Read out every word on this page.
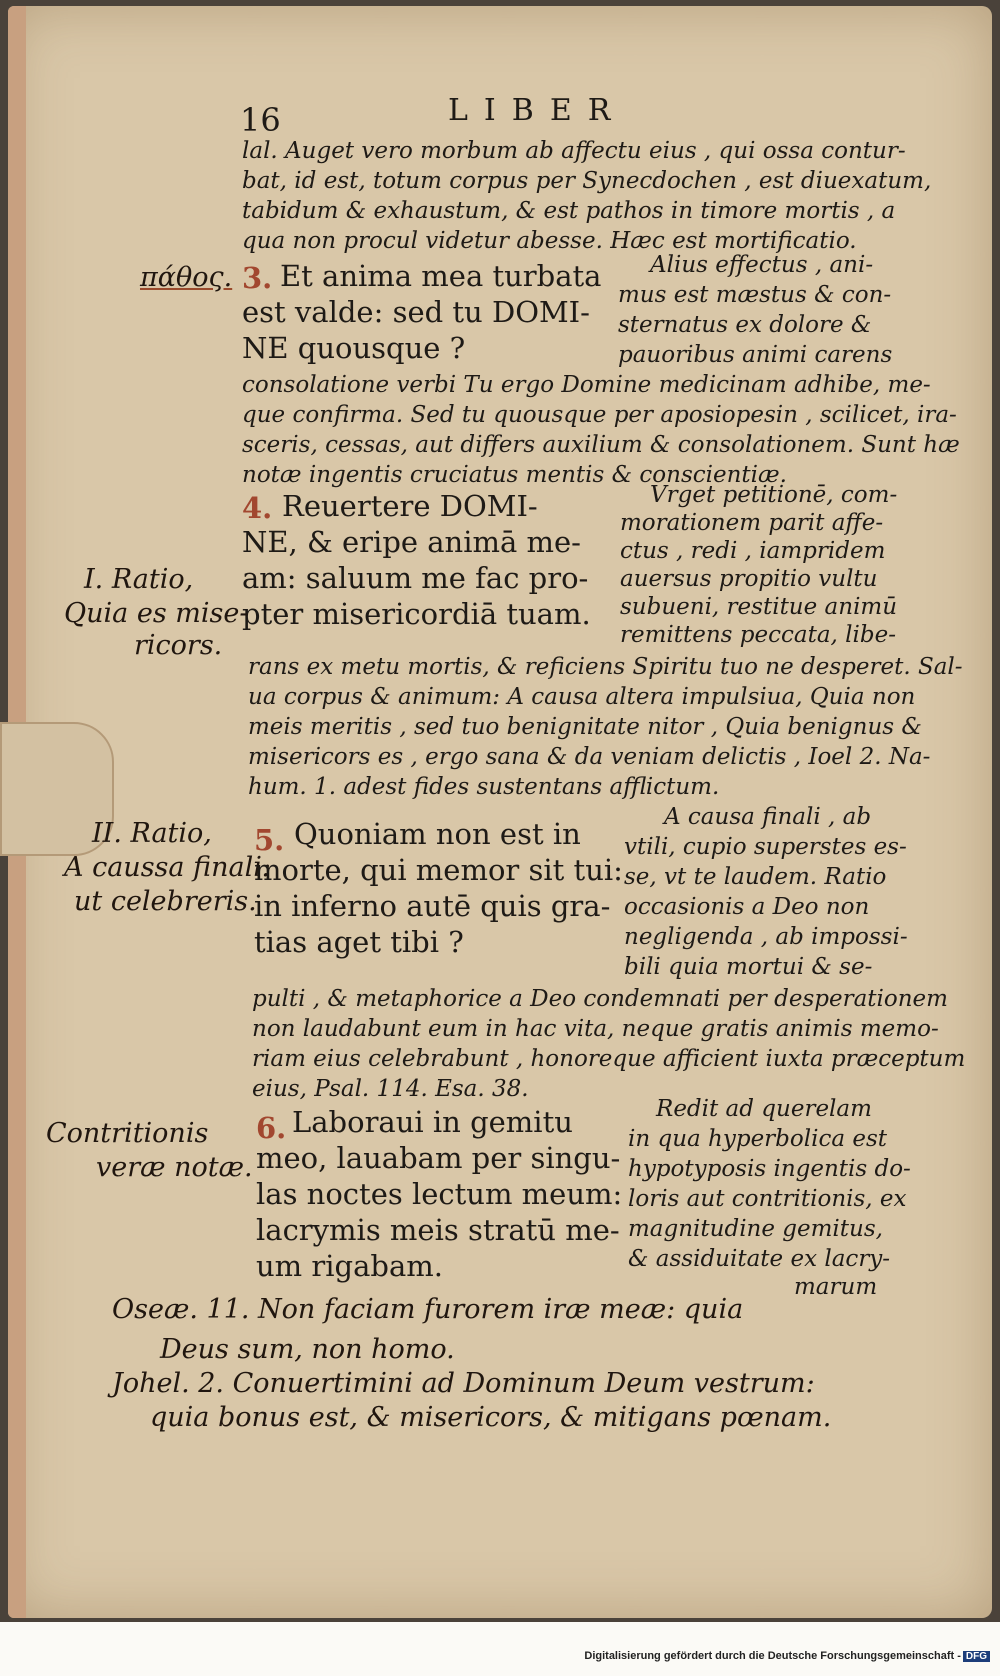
16	LIBER
lal. Auget vero morbum ab affectu eius , qui ossa contur-
bat, id est, totum corpus per Synecdochen , est diuexatum,
tabidum & exhaustum, & est pathos in timore mortis , a
qua non procul videtur abesse. Hæc est mortificatio.
πάθος. 3. Et anima mea turbata
est valde: sed tu DOMI-
NE quousque ?
Alius effectus , ani-
mus est mæstus & con-
sternatus ex dolore &
pauoribus animi carens
consolatione verbi Tu ergo Domine medicinam adhibe, me-
que confirma. Sed tu quousque per aposiopesin , scilicet, ira-
sceris, cessas, aut differs auxilium & consolationem. Sunt hæ
notæ ingentis cruciatus mentis & conscientiæ.
4. Reuertere DOMI-
NE, & eripe animā me-
am: saluum me fac pro-
pter misericordiā tuam.
Vrget petitionē, com-
morationem parit affe-
ctus , redi , iampridem
auersus propitio vultu
subueni, restitue animū
remittens peccata, libe-
I. Ratio,
Quia es mise-
ricors.
rans ex metu mortis, & reficiens Spiritu tuo ne desperet. Sal-
ua corpus & animum: A causa altera impulsiua, Quia non
meis meritis , sed tuo benignitate nitor , Quia benignus &
misericors es , ergo sana & da veniam delictis , Ioel 2. Na-
hum. 1. adest fides sustentans afflictum.
II. Ratio,
A caussa finali:
ut celebreris.
5. Quoniam non est in
morte, qui memor sit tui:
in inferno autē quis gra-
tias aget tibi ?
A causa finali , ab
vtili, cupio superstes es-
se, vt te laudem. Ratio
occasionis a Deo non
negligenda , ab impossi-
bili quia mortui & se-
pulti , & metaphorice a Deo condemnati per desperationem
non laudabunt eum in hac vita, neque gratis animis memo-
riam eius celebrabunt , honoreque afficient iuxta præceptum
eius, Psal. 114. Esa. 38.
Contritionis
veræ notæ.
6. Laboraui in gemitu
meo, lauabam per singu-
las noctes lectum meum:
lacrymis meis stratū me-
um rigabam.
Redit ad querelam
in qua hyperbolica est
hypotyposis ingentis do-
loris aut contritionis, ex
magnitudine gemitus,
& assiduitate ex lacry-
marum
Oseæ. 11. Non faciam furorem iræ meæ: quia
Deus sum, non homo.
Johel. 2. Conuertimini ad Dominum Deum vestrum:
quia bonus est, & misericors, & mitigans pœnam.
Digitalisierung gefördert durch die Deutsche Forschungsgemeinschaft - DFG
